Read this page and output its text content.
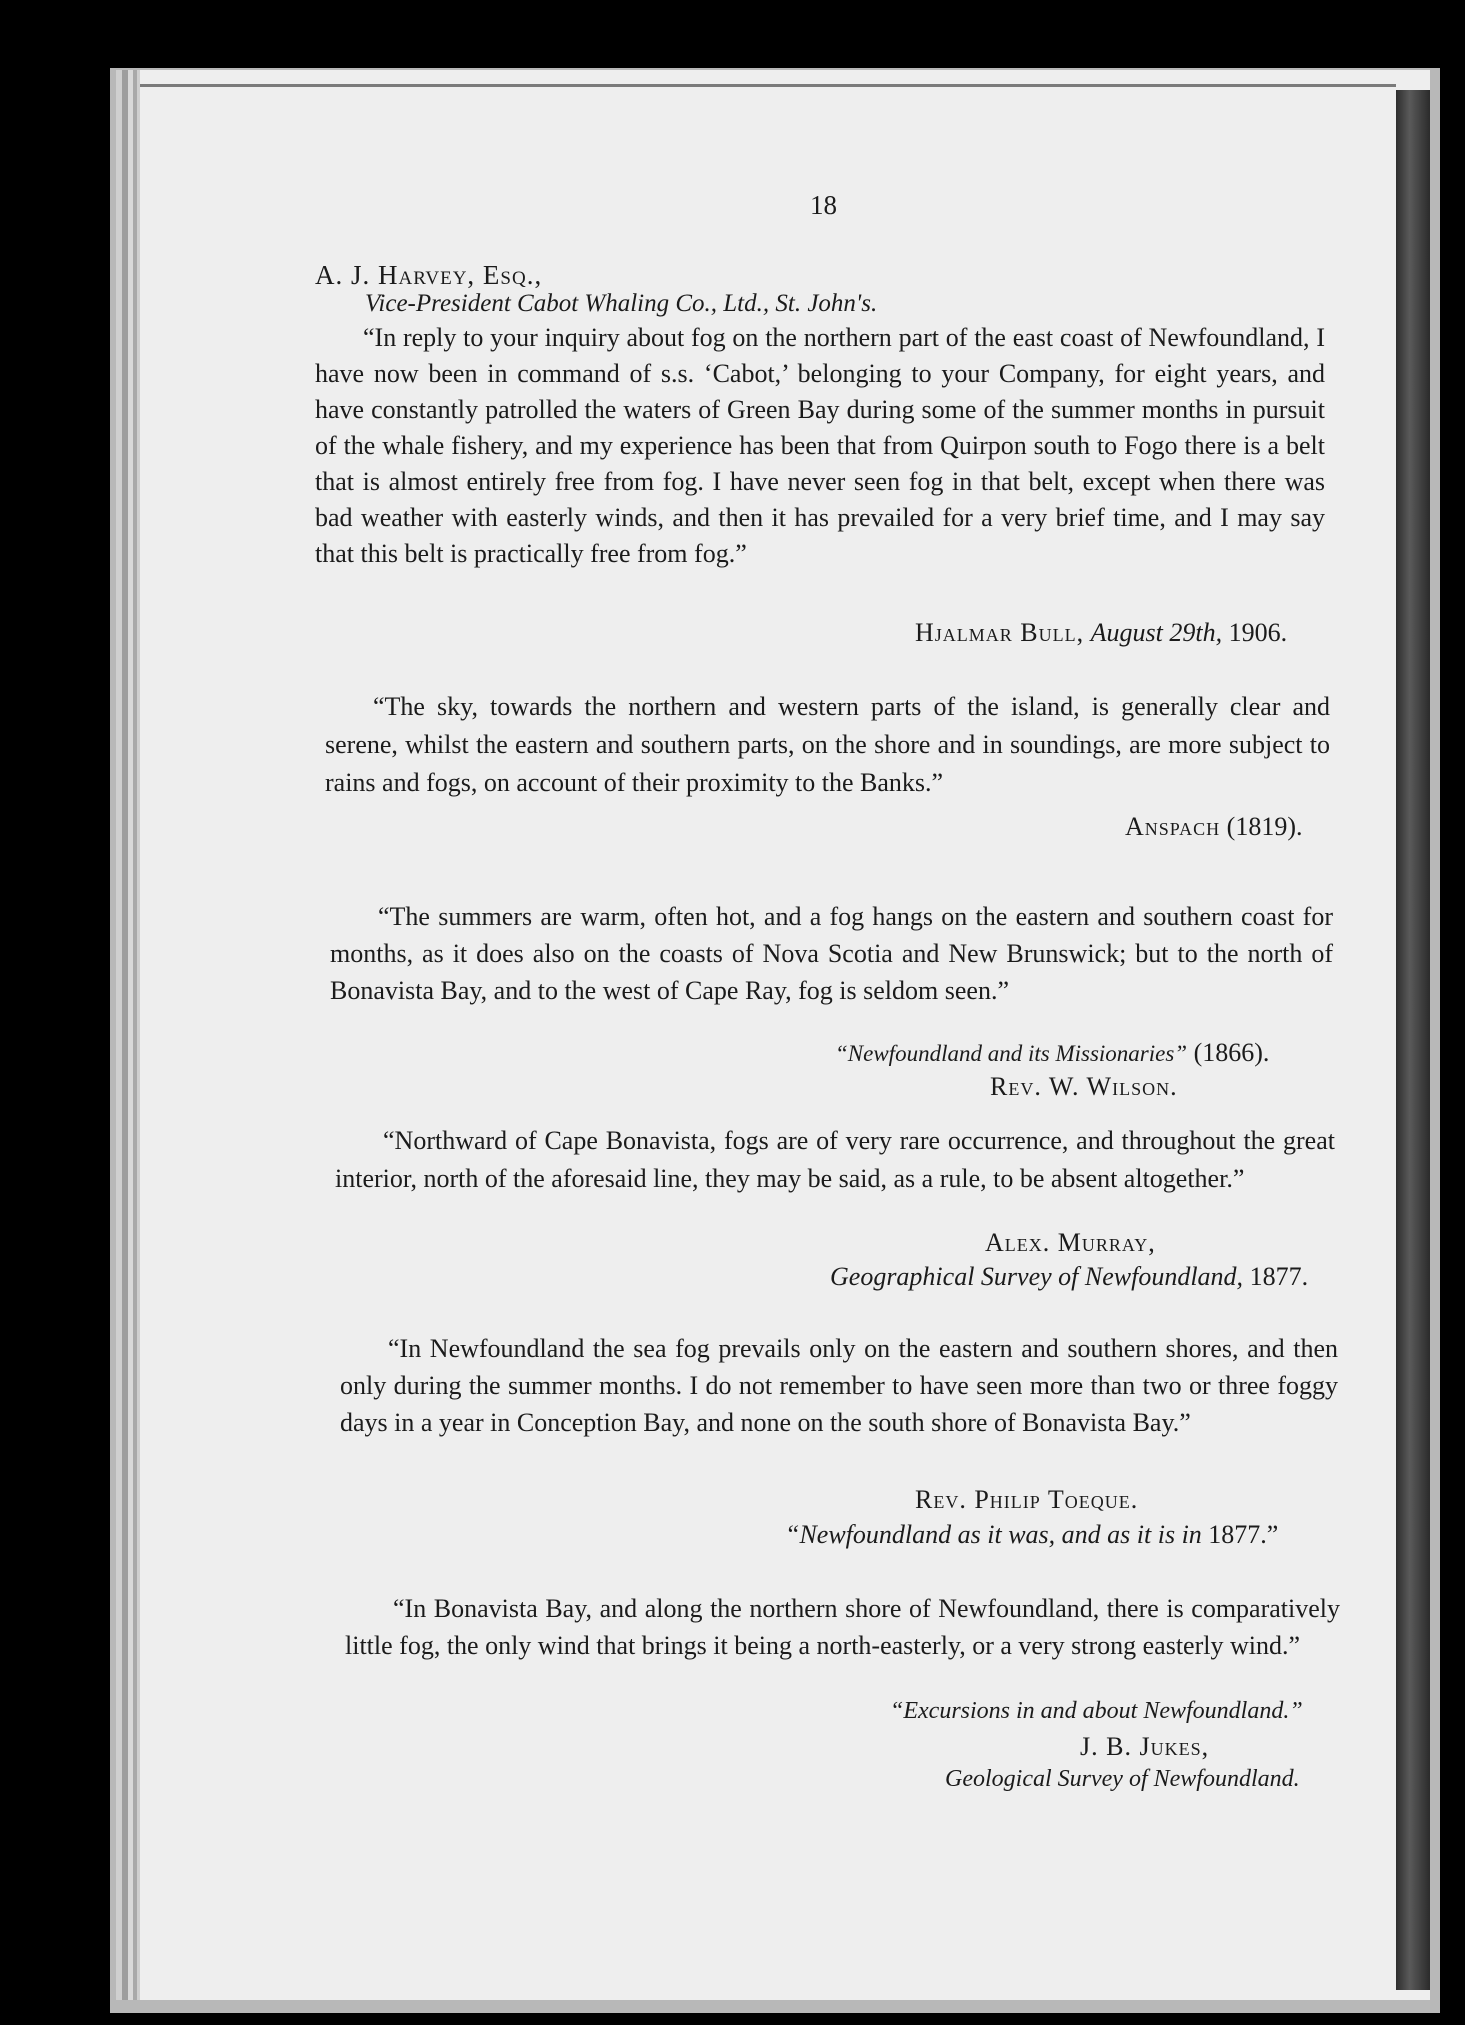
18
A. J. Harvey, Esq.,
Vice-President Cabot Whaling Co., Ltd., St. John's.

“In reply to your inquiry about fog on the northern part of the east coast of Newfoundland, I have now been in command of s.s. ‘Cabot,’ belonging to your Company, for eight years, and have constantly patrolled the waters of Green Bay during some of the summer months in pursuit of the whale fishery, and my experience has been that from Quirpon south to Fogo there is a belt that is almost entirely free from fog. I have never seen fog in that belt, except when there was bad weather with easterly winds, and then it has prevailed for a very brief time, and I may say that this belt is practically free from fog.”

Hjalmar Bull, August 29th, 1906.

“The sky, towards the northern and western parts of the island, is generally clear and serene, whilst the eastern and southern parts, on the shore and in soundings, are more subject to rains and fogs, on account of their proximity to the Banks.”

Anspach (1819).

“The summers are warm, often hot, and a fog hangs on the eastern and southern coast for months, as it does also on the coasts of Nova Scotia and New Brunswick; but to the north of Bonavista Bay, and to the west of Cape Ray, fog is seldom seen.”

“Newfoundland and its Missionaries” (1866).
Rev. W. Wilson.

“Northward of Cape Bonavista, fogs are of very rare occurrence, and throughout the great interior, north of the aforesaid line, they may be said, as a rule, to be absent altogether.”

Alex. Murray,
Geographical Survey of Newfoundland, 1877.

“In Newfoundland the sea fog prevails only on the eastern and southern shores, and then only during the summer months. I do not remember to have seen more than two or three foggy days in a year in Conception Bay, and none on the south shore of Bonavista Bay.”

Rev. Philip Toeque.
“Newfoundland as it was, and as it is in 1877.”

“In Bonavista Bay, and along the northern shore of Newfoundland, there is comparatively little fog, the only wind that brings it being a north-easterly, or a very strong easterly wind.”

“Excursions in and about Newfoundland.”
J. B. Jukes,
Geological Survey of Newfoundland.
